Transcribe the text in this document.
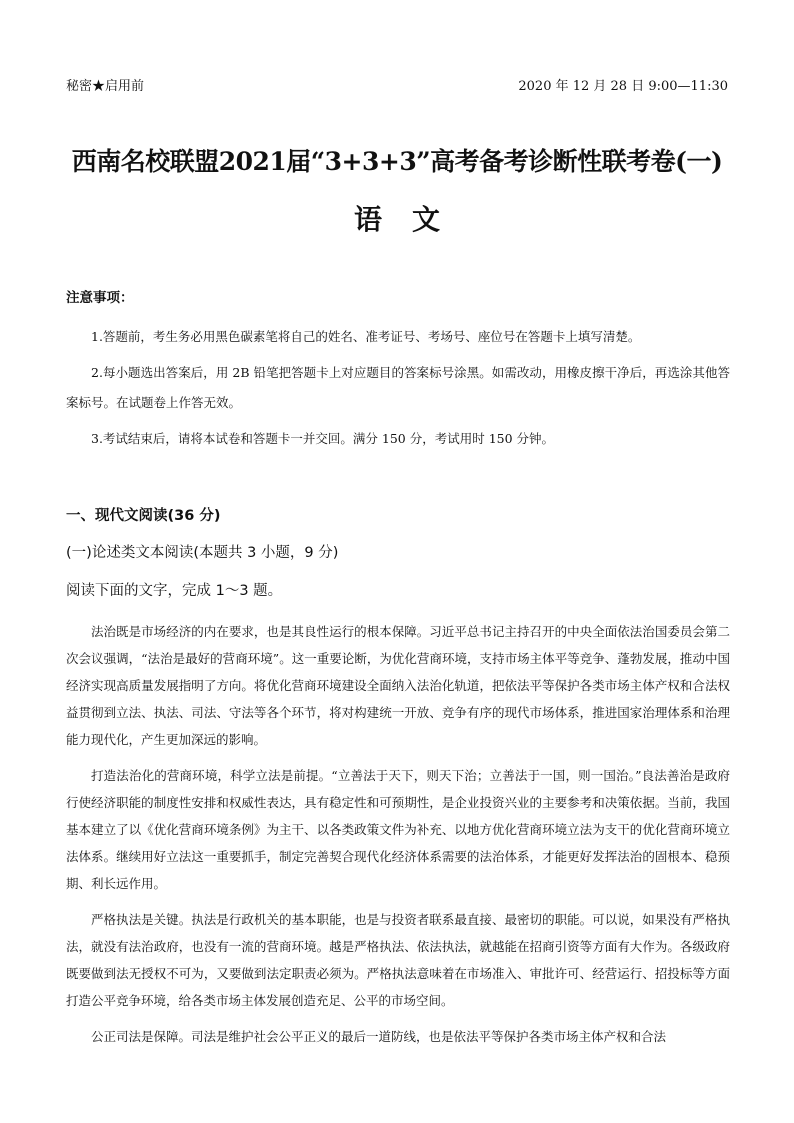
秘密★启用前	2020 年 12 月 28 日 9:00—11:30
西南名校联盟2021届“3+3+3”高考备考诊断性联考卷(一)
语文
注意事项：

1.答题前，考生务必用黑色碳素笔将自己的姓名、准考证号、考场号、座位号在答题卡上填写清楚。

2.每小题选出答案后，用 2B 铅笔把答题卡上对应题目的答案标号涂黑。如需改动，用橡皮擦干净后，再选涂其他答案标号。在试题卷上作答无效。

3.考试结束后，请将本试卷和答题卡一并交回。满分 150 分，考试用时 150 分钟。

一、现代文阅读(36 分)
(一)论述类文本阅读(本题共 3 小题，9 分)
阅读下面的文字，完成 1～3 题。

法治既是市场经济的内在要求，也是其良性运行的根本保障。习近平总书记主持召开的中央全面依法治国委员会第二次会议强调，“法治是最好的营商环境”。这一重要论断，为优化营商环境，支持市场主体平等竞争、蓬勃发展，推动中国经济实现高质量发展指明了方向。将优化营商环境建设全面纳入法治化轨道，把依法平等保护各类市场主体产权和合法权益贯彻到立法、执法、司法、守法等各个环节，将对构建统一开放、竞争有序的现代市场体系，推进国家治理体系和治理能力现代化，产生更加深远的影响。

打造法治化的营商环境，科学立法是前提。“立善法于天下，则天下治；立善法于一国，则一国治。”良法善治是政府行使经济职能的制度性安排和权威性表达，具有稳定性和可预期性，是企业投资兴业的主要参考和决策依据。当前，我国基本建立了以《优化营商环境条例》为主干、以各类政策文件为补充、以地方优化营商环境立法为支干的优化营商环境立法体系。继续用好立法这一重要抓手，制定完善契合现代化经济体系需要的法治体系，才能更好发挥法治的固根本、稳预期、利长远作用。

严格执法是关键。执法是行政机关的基本职能，也是与投资者联系最直接、最密切的职能。可以说，如果没有严格执法，就没有法治政府，也没有一流的营商环境。越是严格执法、依法执法，就越能在招商引资等方面有大作为。各级政府既要做到法无授权不可为，又要做到法定职责必须为。严格执法意味着在市场准入、审批许可、经营运行、招投标等方面打造公平竞争环境，给各类市场主体发展创造充足、公平的市场空间。

公正司法是保障。司法是维护社会公平正义的最后一道防线，也是依法平等保护各类市场主体产权和合法
